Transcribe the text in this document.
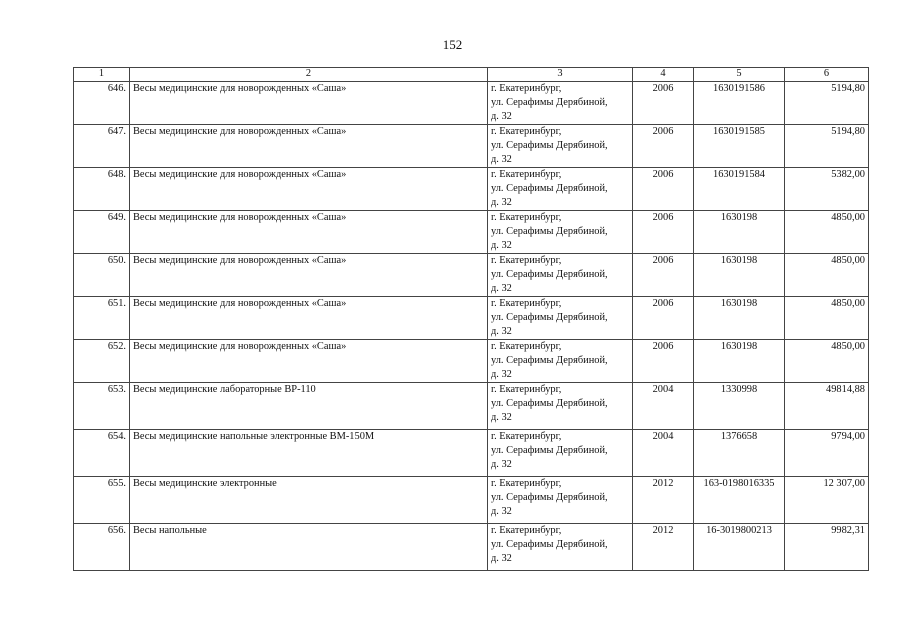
152
1	2	3	4	5	6
646.	Весы медицинские для новорожденных «Саша»	г. Екатеринбург,
ул. Серафимы Дерябиной,
д. 32	2006	1630191586	5194,80
647.	Весы медицинские для новорожденных «Саша»	г. Екатеринбург,
ул. Серафимы Дерябиной,
д. 32	2006	1630191585	5194,80
648.	Весы медицинские для новорожденных «Саша»	г. Екатеринбург,
ул. Серафимы Дерябиной,
д. 32	2006	1630191584	5382,00
649.	Весы медицинские для новорожденных «Саша»	г. Екатеринбург,
ул. Серафимы Дерябиной,
д. 32	2006	1630198	4850,00
650.	Весы медицинские для новорожденных «Саша»	г. Екатеринбург,
ул. Серафимы Дерябиной,
д. 32	2006	1630198	4850,00
651.	Весы медицинские для новорожденных «Саша»	г. Екатеринбург,
ул. Серафимы Дерябиной,
д. 32	2006	1630198	4850,00
652.	Весы медицинские для новорожденных «Саша»	г. Екатеринбург,
ул. Серафимы Дерябиной,
д. 32	2006	1630198	4850,00
653.	Весы медицинские лабораторные ВР-110	г. Екатеринбург,
ул. Серафимы Дерябиной,
д. 32	2004	1330998	49814,88
654.	Весы медицинские напольные электронные ВМ-150М	г. Екатеринбург,
ул. Серафимы Дерябиной,
д. 32	2004	1376658	9794,00
655.	Весы медицинские электронные	г. Екатеринбург,
ул. Серафимы Дерябиной,
д. 32	2012	163-0198016335	12 307,00
656.	Весы напольные	г. Екатеринбург,
ул. Серафимы Дерябиной,
д. 32	2012	16-3019800213	9982,31
